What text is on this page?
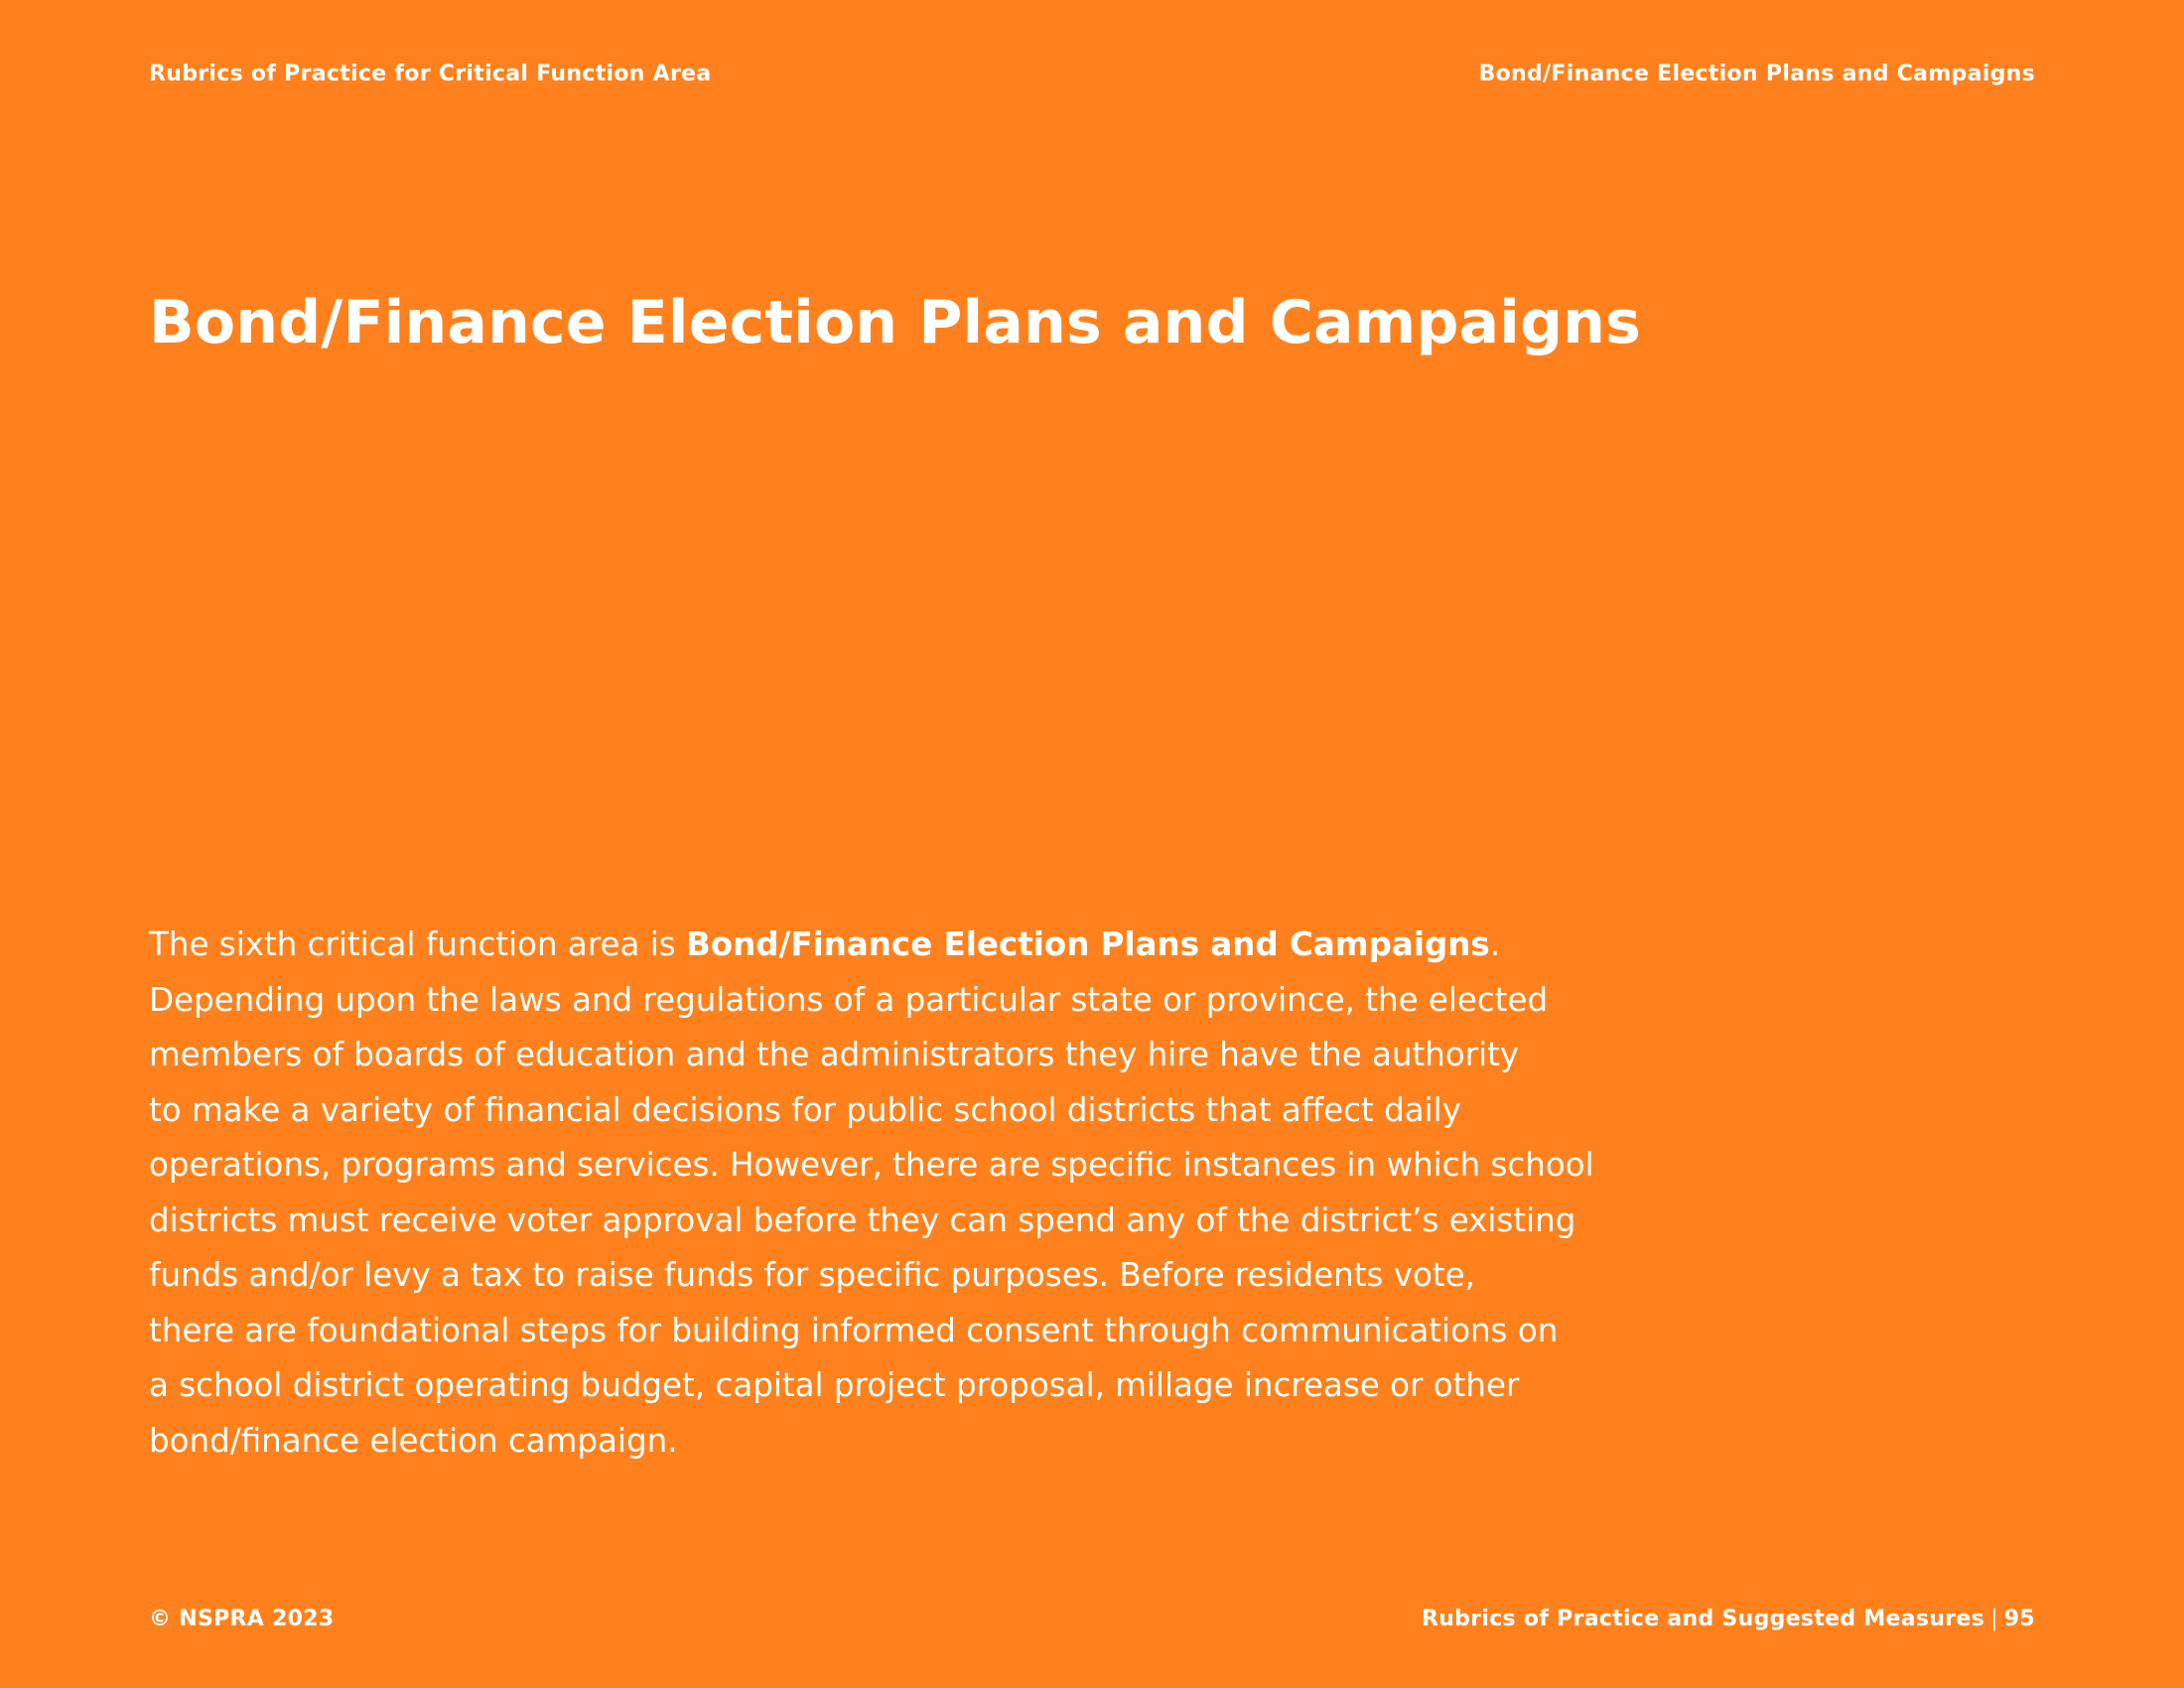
Rubrics of Practice for Critical Function Area	Bond/Finance Election Plans and Campaigns
Bond/Finance Election Plans and Campaigns

The sixth critical function area is Bond/Finance Election Plans and Campaigns.
Depending upon the laws and regulations of a particular state or province, the elected
members of boards of education and the administrators they hire have the authority
to make a variety of financial decisions for public school districts that affect daily
operations, programs and services. However, there are specific instances in which school
districts must receive voter approval before they can spend any of the district’s existing
funds and/or levy a tax to raise funds for specific purposes. Before residents vote,
there are foundational steps for building informed consent through communications on
a school district operating budget, capital project proposal, millage increase or other
bond/finance election campaign.

© NSPRA 2023	Rubrics of Practice and Suggested Measures | 95
